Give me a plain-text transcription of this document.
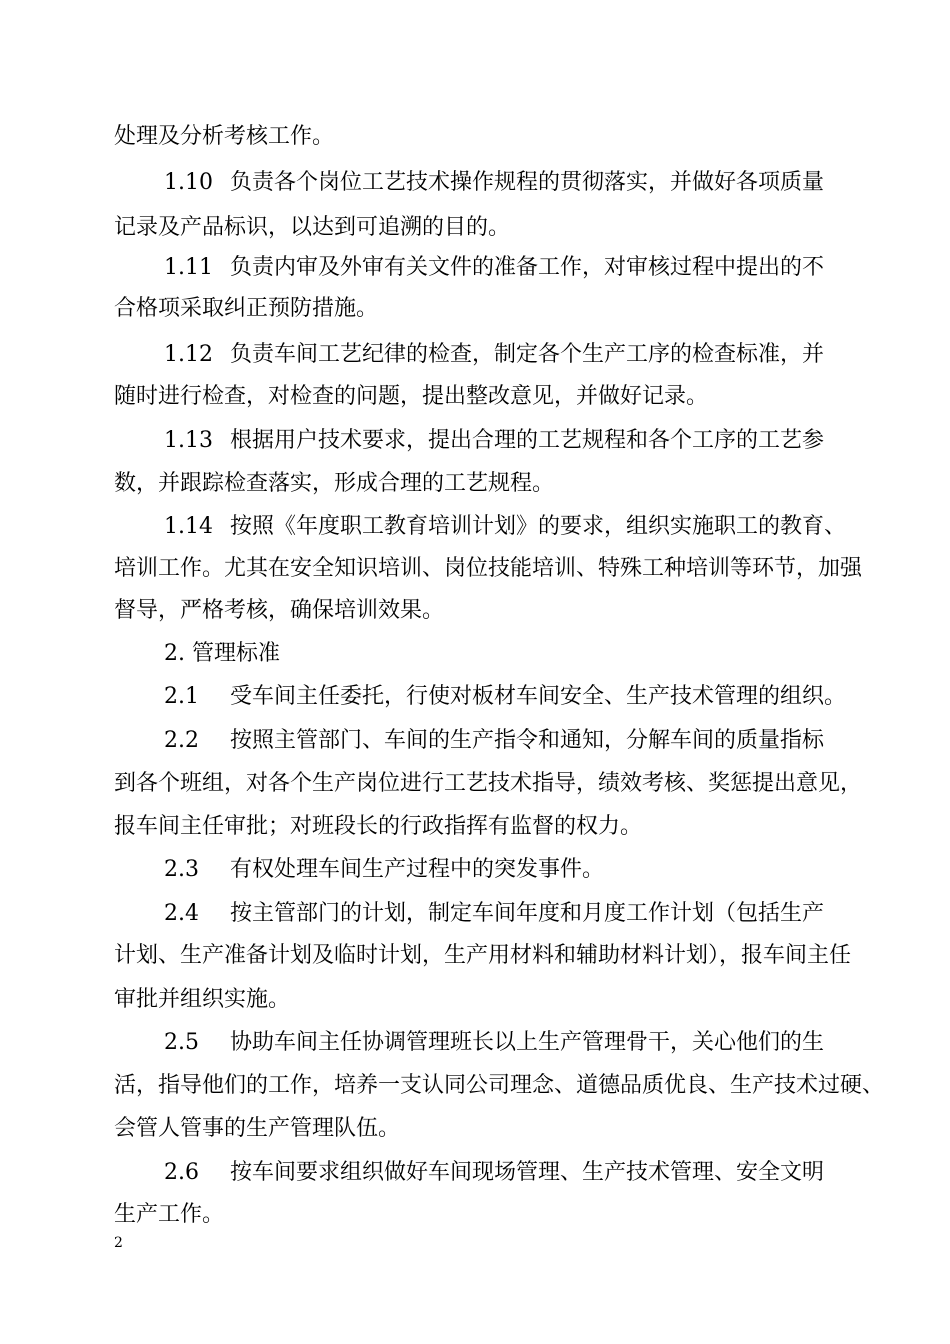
处理及分析考核工作。
1.10 负责各个岗位工艺技术操作规程的贯彻落实，并做好各项质量
记录及产品标识，以达到可追溯的目的。
1.11 负责内审及外审有关文件的准备工作，对审核过程中提出的不
合格项采取纠正预防措施。
1.12 负责车间工艺纪律的检查，制定各个生产工序的检查标准，并
随时进行检查，对检查的问题，提出整改意见，并做好记录。
1.13 根据用户技术要求，提出合理的工艺规程和各个工序的工艺参
数，并跟踪检查落实，形成合理的工艺规程。
1.14 按照《年度职工教育培训计划》的要求，组织实施职工的教育、
培训工作。尤其在安全知识培训、岗位技能培训、特殊工种培训等环节，加强
督导，严格考核，确保培训效果。
2. 管理标准
2.1 受车间主任委托，行使对板材车间安全、生产技术管理的组织。
2.2 按照主管部门、车间的生产指令和通知，分解车间的质量指标
到各个班组，对各个生产岗位进行工艺技术指导，绩效考核、奖惩提出意见，
报车间主任审批；对班段长的行政指挥有监督的权力。
2.3 有权处理车间生产过程中的突发事件。
2.4 按主管部门的计划，制定车间年度和月度工作计划（包括生产
计划、生产准备计划及临时计划，生产用材料和辅助材料计划），报车间主任
审批并组织实施。
2.5 协助车间主任协调管理班长以上生产管理骨干，关心他们的生
活，指导他们的工作，培养一支认同公司理念、道德品质优良、生产技术过硬、
会管人管事的生产管理队伍。
2.6 按车间要求组织做好车间现场管理、生产技术管理、安全文明
生产工作。
2
